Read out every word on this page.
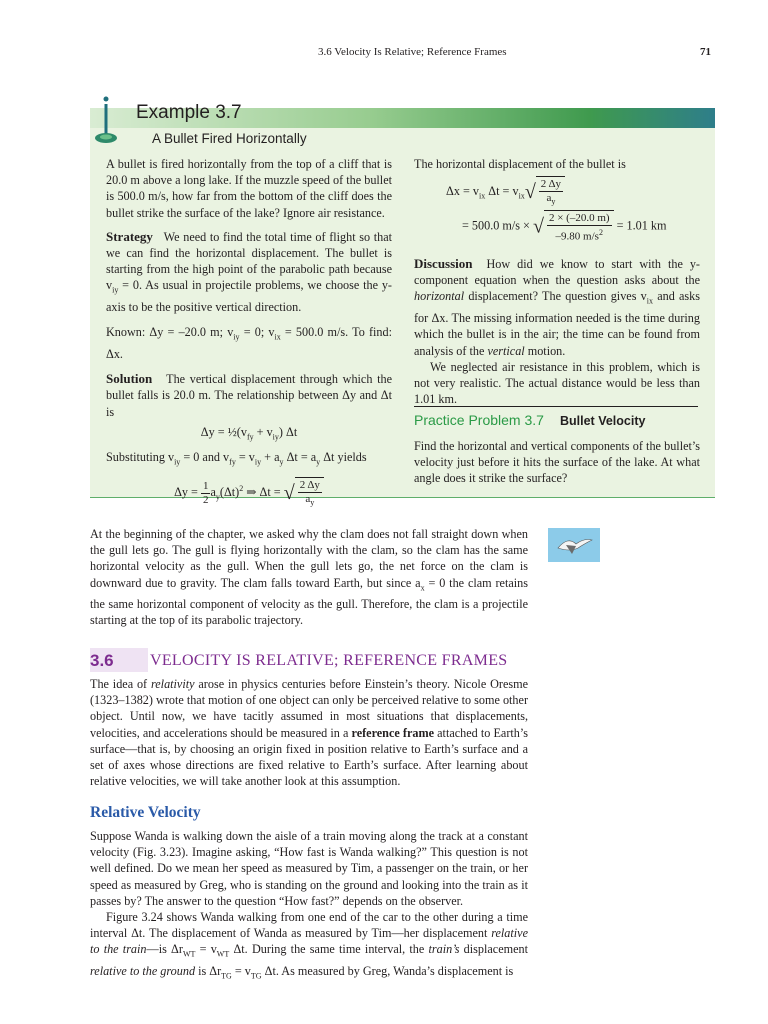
3.6 Velocity Is Relative; Reference Frames	71
Example 3.7
A Bullet Fired Horizontally

A bullet is fired horizontally from the top of a cliff that is 20.0 m above a long lake. If the muzzle speed of the bullet is 500.0 m/s, how far from the bottom of the cliff does the bullet strike the surface of the lake? Ignore air resistance.

Strategy We need to find the total time of flight so that we can find the horizontal displacement. The bullet is starting from the high point of the parabolic path because $v_{iy} = 0$. As usual in projectile problems, we choose the y-axis to be the positive vertical direction.

Known: Δy = –20.0 m; $v_{iy} = 0$; $v_{ix} = 500.0$ m/s. To find: Δx.

Solution The vertical displacement through which the bullet falls is 20.0 m. The relationship between Δy and Δt is

$\Delta y = \frac{1}{2}(v_{fy} + v_{iy})$ Δt

Substituting $v_{iy} = 0$ and $v_{fy} = v_{iy} + a_y$ $\Delta t = a_y$ Δt yields

$\Delta y = \frac{1}{2} a_y(\Delta t)^2$ ⇒ Δt = √ $\frac{2 \Delta y}{a_y}$

The horizontal displacement of the bullet is

$\Delta x = v_{ix}$ $\Delta t = v_{ix}√ \frac{2 \Delta y}{a_y}$

= 500.0 m/s × √ $\frac{2 \times (-20.0 m)}{-9.80 m/s^2} = 1.01$ km

Discussion How did we know to start with the y-component equation when the question asks about the horizontal displacement? The question gives $v_{ix}$ and asks for Δx. The missing information needed is the time during which the bullet is in the air; the time can be found from analysis of the vertical motion.

We neglected air resistance in this problem, which is not very realistic. The actual distance would be less than 1.01 km.

Practice Problem 3.7 Bullet Velocity
Find the horizontal and vertical components of the bullet’s velocity just before it hits the surface of the lake. At what angle does it strike the surface?

At the beginning of the chapter, we asked why the clam does not fall straight down when the gull lets go. The gull is flying horizontally with the clam, so the clam has the same horizontal velocity as the gull. When the gull lets go, the net force on the clam is downward due to gravity. The clam falls toward Earth, but since $a_x = 0$ the clam retains the same horizontal component of velocity as the gull. Therefore, the clam is a projectile starting at the top of its parabolic trajectory.

3.6 VELOCITY IS RELATIVE; REFERENCE FRAMES

The idea of relativity arose in physics centuries before Einstein’s theory. Nicole Oresme (1323–1382) wrote that motion of one object can only be perceived relative to some other object. Until now, we have tacitly assumed in most situations that displacements, velocities, and accelerations should be measured in a reference frame attached to Earth’s surface—that is, by choosing an origin fixed in position relative to Earth’s surface and a set of axes whose directions are fixed relative to Earth’s surface. After learning about relative velocities, we will take another look at this assumption.

Relative Velocity

Suppose Wanda is walking down the aisle of a train moving along the track at a constant velocity (Fig. 3.23). Imagine asking, “How fast is Wanda walking?” This question is not well defined. Do we mean her speed as measured by Tim, a passenger on the train, or her speed as measured by Greg, who is standing on the ground and looking into the train as it passes by? The answer to the question “How fast?” depends on the observer.

Figure 3.24 shows Wanda walking from one end of the car to the other during a time interval Δt. The displacement of Wanda as measured by Tim—her displacement relative to the train—is $\Delta r_{WT} = v_{WT}$ Δt. During the same time interval, the train’s displacement relative to the ground is $\Delta r_{TG} = v_{TG}$ Δt. As measured by Greg, Wanda’s displacement is
